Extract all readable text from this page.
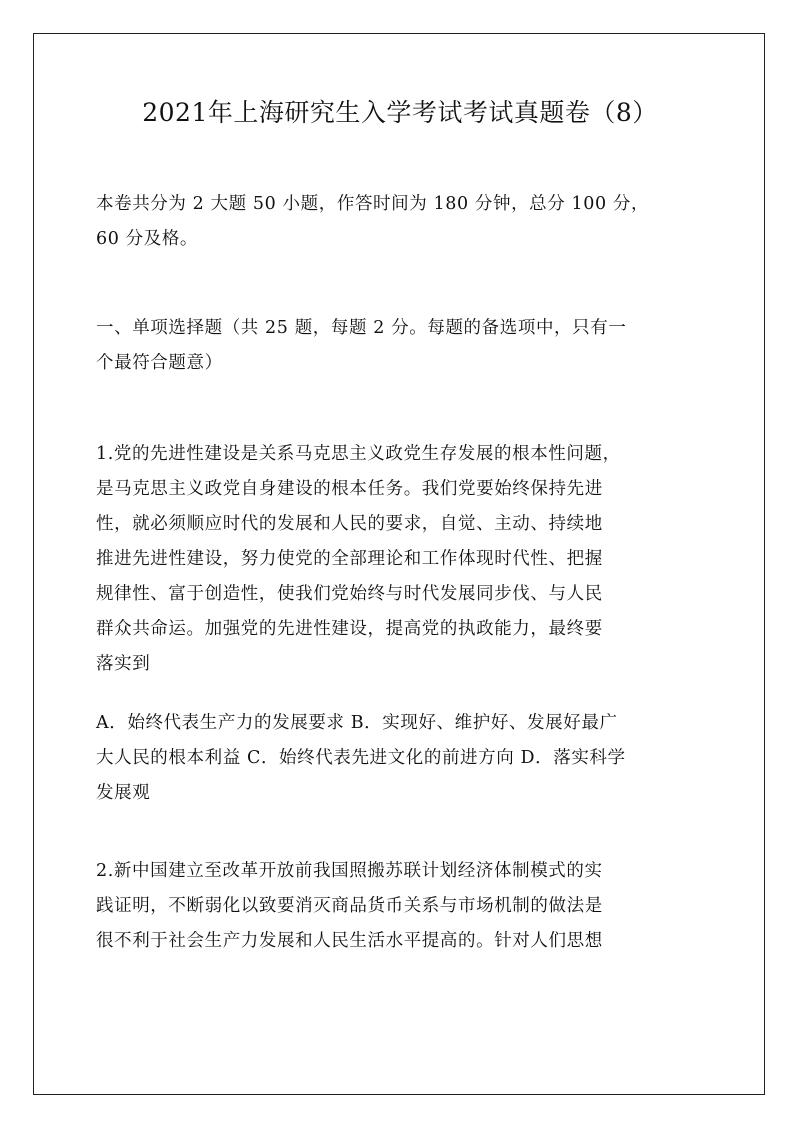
2021年上海研究生入学考试考试真题卷（8）
本卷共分为 2 大题 50 小题，作答时间为 180 分钟，总分 100 分，
60 分及格。
一、单项选择题（共 25 题，每题 2 分。每题的备选项中，只有一
个最符合题意）
1.党的先进性建设是关系马克思主义政党生存发展的根本性问题，
是马克思主义政党自身建设的根本任务。我们党要始终保持先进
性，就必须顺应时代的发展和人民的要求，自觉、主动、持续地
推进先进性建设，努力使党的全部理论和工作体现时代性、把握
规律性、富于创造性，使我们党始终与时代发展同步伐、与人民
群众共命运。加强党的先进性建设，提高党的执政能力，最终要
落实到
A．始终代表生产力的发展要求 B．实现好、维护好、发展好最广
大人民的根本利益 C．始终代表先进文化的前进方向 D．落实科学
发展观
2.新中国建立至改革开放前我国照搬苏联计划经济体制模式的实
践证明，不断弱化以致要消灭商品货币关系与市场机制的做法是
很不利于社会生产力发展和人民生活水平提高的。针对人们思想
